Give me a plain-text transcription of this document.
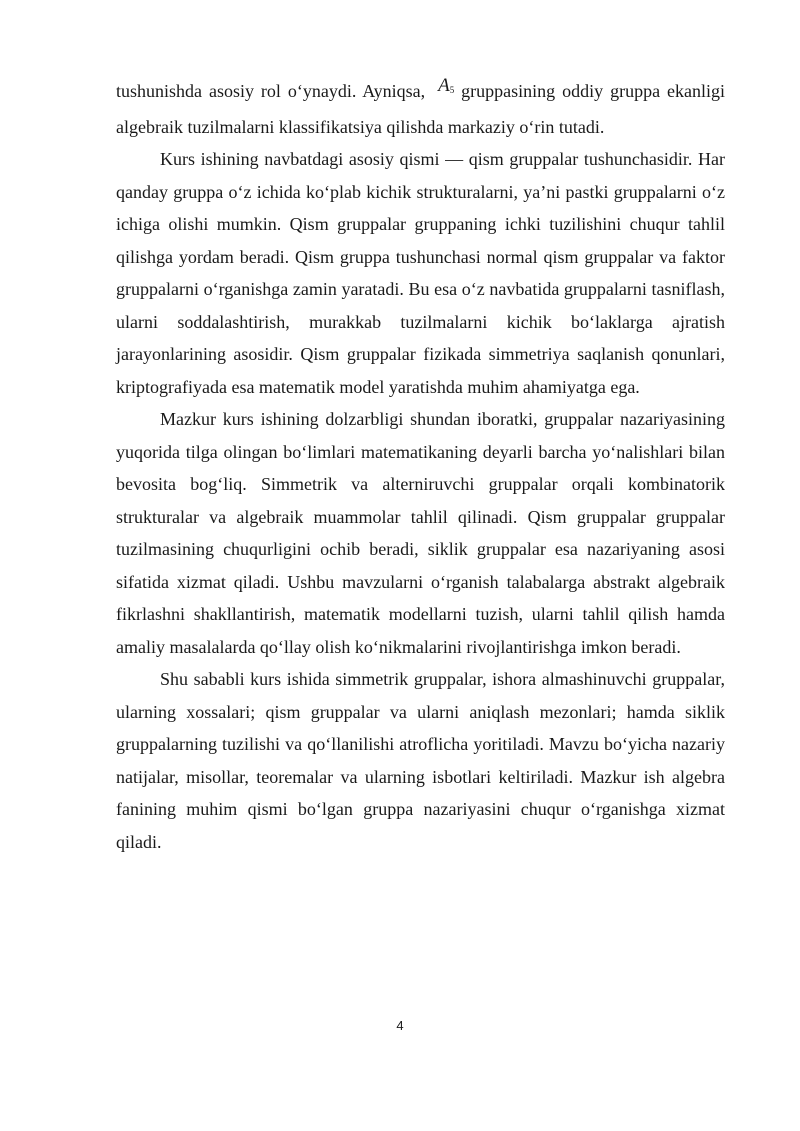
tushunishda asosiy rol o‘ynaydi. Ayniqsa, $A_5$ gruppasining oddiy gruppa ekanligi algebraik tuzilmalarni klassifikatsiya qilishda markaziy o‘rin tutadi.

Kurs ishining navbatdagi asosiy qismi — qism gruppalar tushunchasidir. Har qanday gruppa o‘z ichida ko‘plab kichik strukturalarni, ya’ni pastki gruppalarni o‘z ichiga olishi mumkin. Qism gruppalar gruppaning ichki tuzilishini chuqur tahlil qilishga yordam beradi. Qism gruppa tushunchasi normal qism gruppalar va faktor gruppalarni o‘rganishga zamin yaratadi. Bu esa o‘z navbatida gruppalarni tasniflash, ularni soddalashtirish, murakkab tuzilmalarni kichik bo‘laklarga ajratish jarayonlarining asosidir. Qism gruppalar fizikada simmetriya saqlanish qonunlari, kriptografiyada esa matematik model yaratishda muhim ahamiyatga ega.

Mazkur kurs ishining dolzarbligi shundan iboratki, gruppalar nazariyasining yuqorida tilga olingan bo‘limlari matematikaning deyarli barcha yo‘nalishlari bilan bevosita bog‘liq. Simmetrik va alterniruvchi gruppalar orqali kombinatorik strukturalar va algebraik muammolar tahlil qilinadi. Qism gruppalar gruppalar tuzilmasining chuqurligini ochib beradi, siklik gruppalar esa nazariyaning asosi sifatida xizmat qiladi. Ushbu mavzularni o‘rganish talabalarga abstrakt algebraik fikrlashni shakllantirish, matematik modellarni tuzish, ularni tahlil qilish hamda amaliy masalalarda qo‘llay olish ko‘nikmalarini rivojlantirishga imkon beradi.

Shu sababli kurs ishida simmetrik gruppalar, ishora almashinuvchi gruppalar, ularning xossalari; qism gruppalar va ularni aniqlash mezonlari; hamda siklik gruppalarning tuzilishi va qo‘llanilishi atroflicha yoritiladi. Mavzu bo‘yicha nazariy natijalar, misollar, teoremalar va ularning isbotlari keltiriladi. Mazkur ish algebra fanining muhim qismi bo‘lgan gruppa nazariyasini chuqur o‘rganishga xizmat qiladi.

4
